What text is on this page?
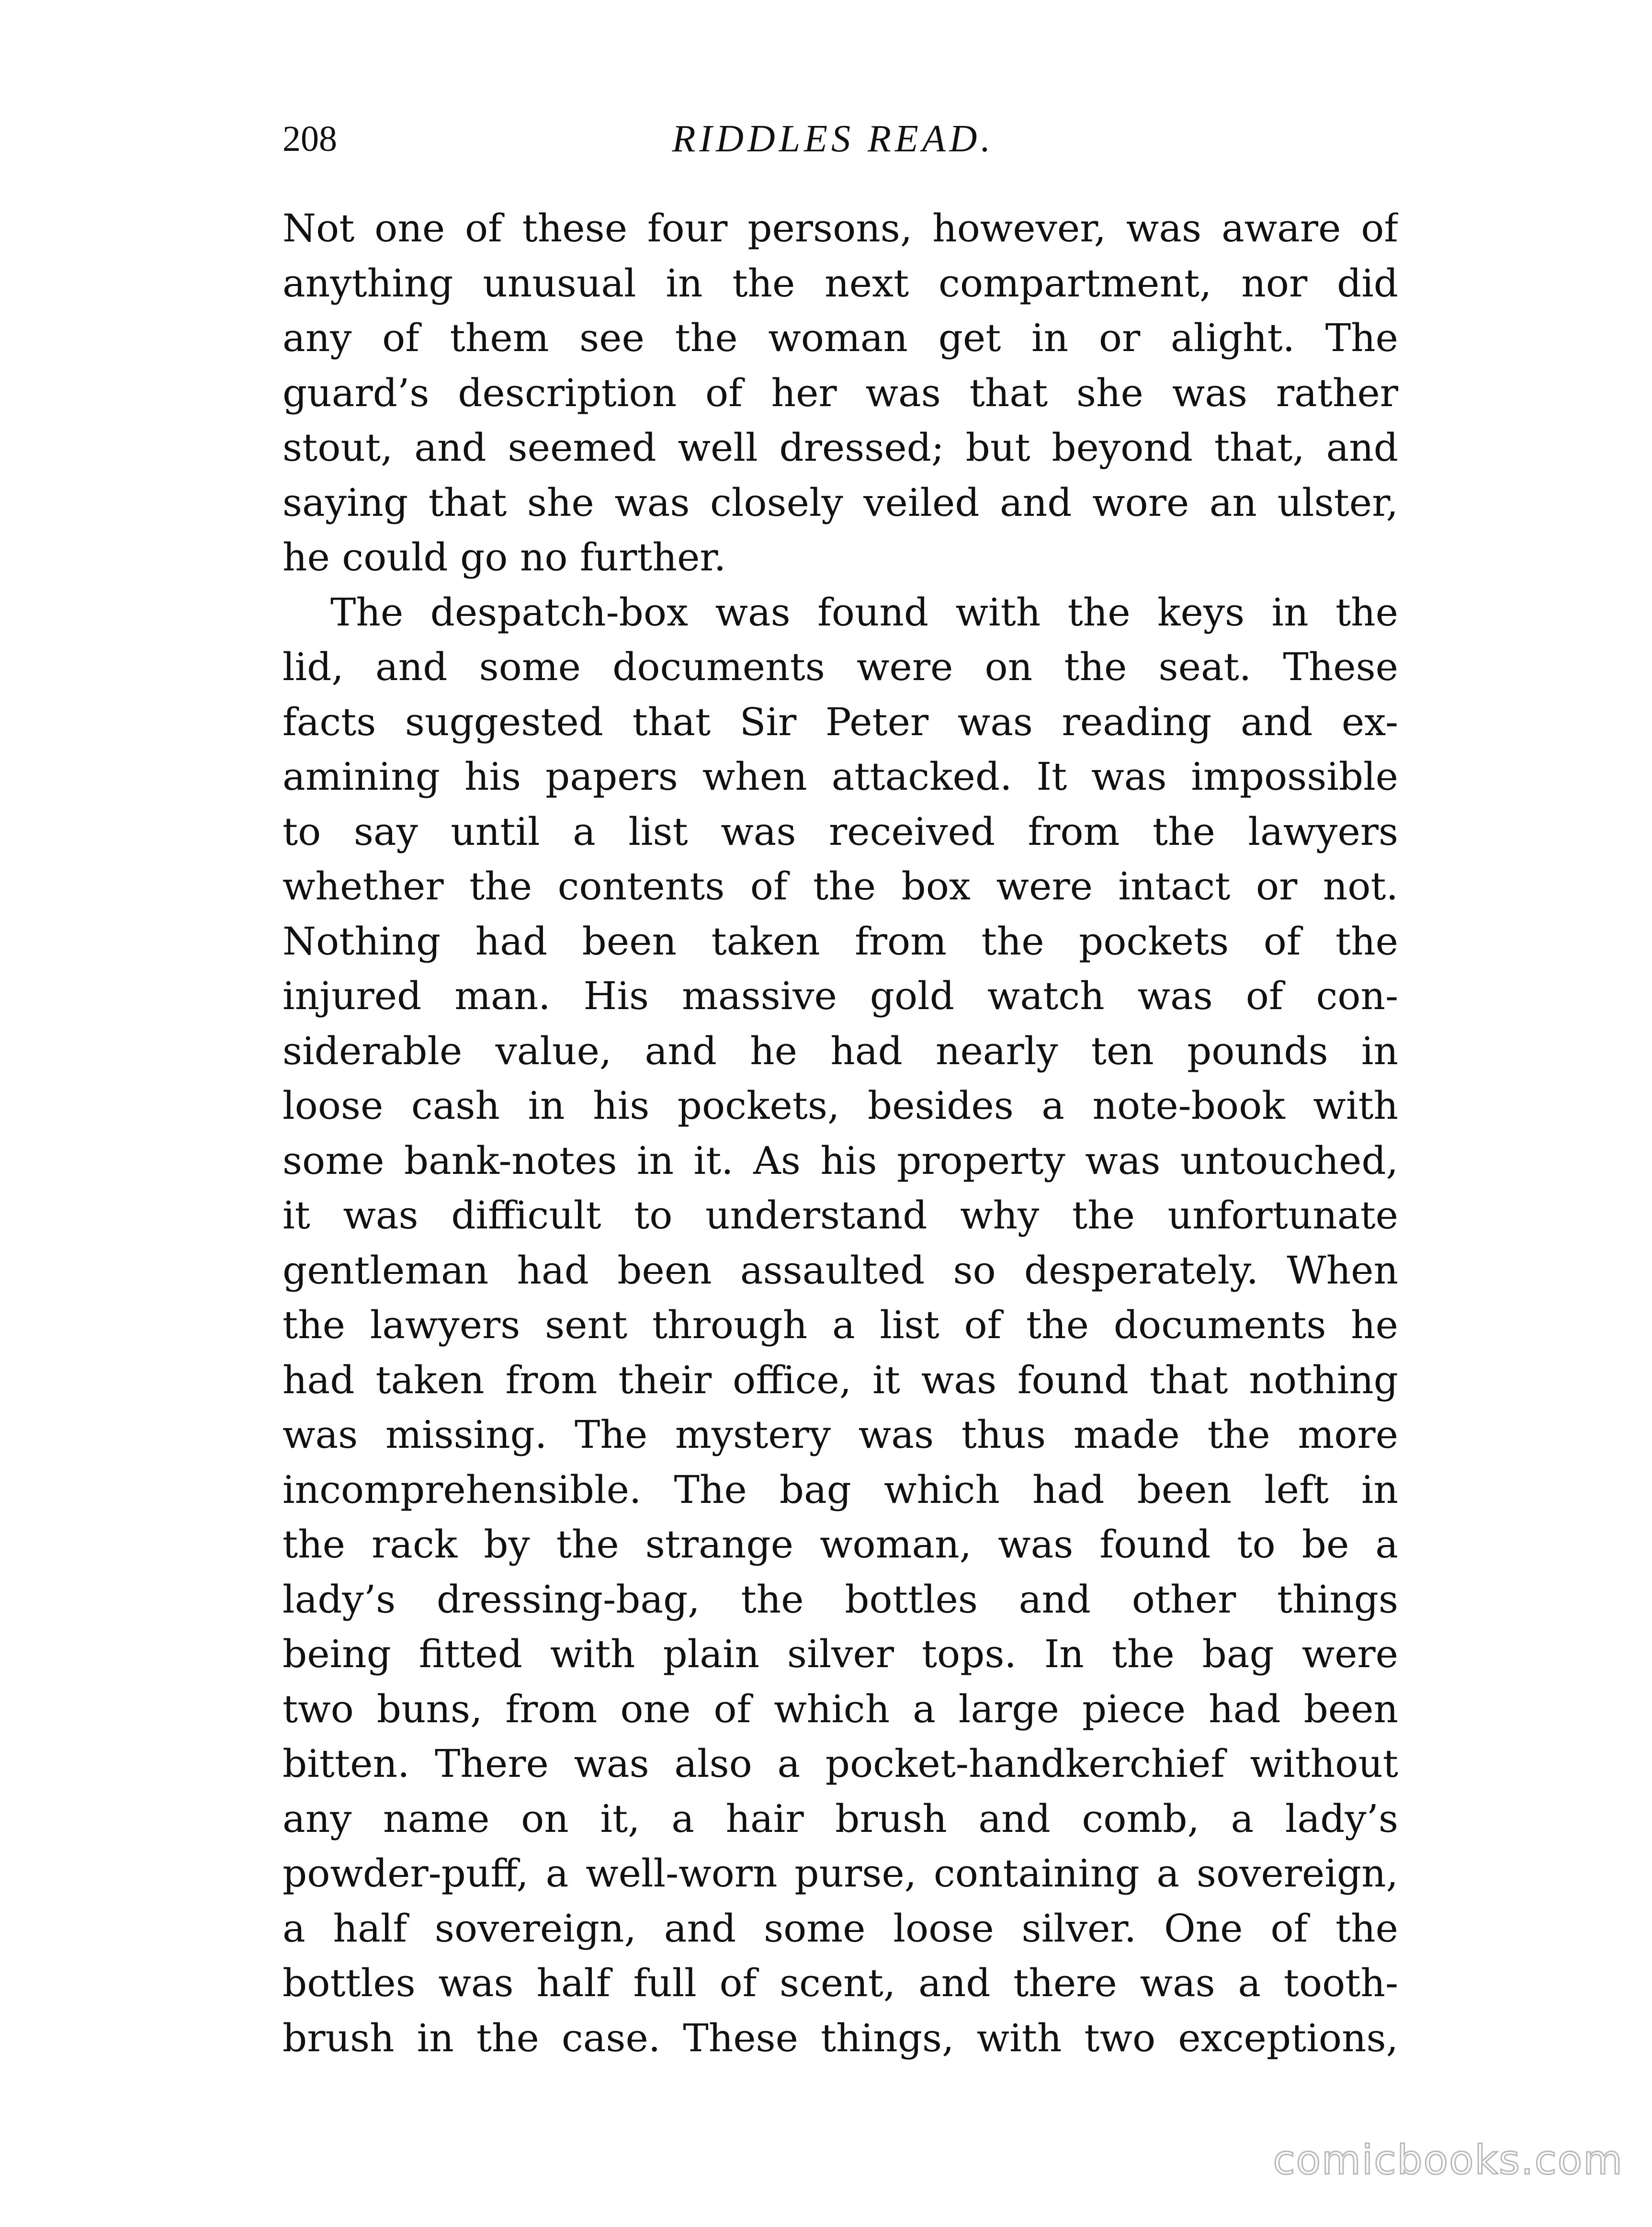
208	RIDDLES READ.
Not one of these four persons, however, was aware of
anything unusual in the next compartment, nor did
any of them see the woman get in or alight. The
guard’s description of her was that she was rather
stout, and seemed well dressed; but beyond that, and
saying that she was closely veiled and wore an ulster,
he could go no further.
The despatch-box was found with the keys in the
lid, and some documents were on the seat. These
facts suggested that Sir Peter was reading and ex-
amining his papers when attacked. It was impossible
to say until a list was received from the lawyers
whether the contents of the box were intact or not.
Nothing had been taken from the pockets of the
injured man. His massive gold watch was of con-
siderable value, and he had nearly ten pounds in
loose cash in his pockets, besides a note-book with
some bank-notes in it. As his property was untouched,
it was difficult to understand why the unfortunate
gentleman had been assaulted so desperately. When
the lawyers sent through a list of the documents he
had taken from their office, it was found that nothing
was missing. The mystery was thus made the more
incomprehensible. The bag which had been left in
the rack by the strange woman, was found to be a
lady’s dressing-bag, the bottles and other things
being fitted with plain silver tops. In the bag were
two buns, from one of which a large piece had been
bitten. There was also a pocket-handkerchief without
any name on it, a hair brush and comb, a lady’s
powder-puff, a well-worn purse, containing a sovereign,
a half sovereign, and some loose silver. One of the
bottles was half full of scent, and there was a tooth-
brush in the case. These things, with two exceptions,
comicbooks.com
